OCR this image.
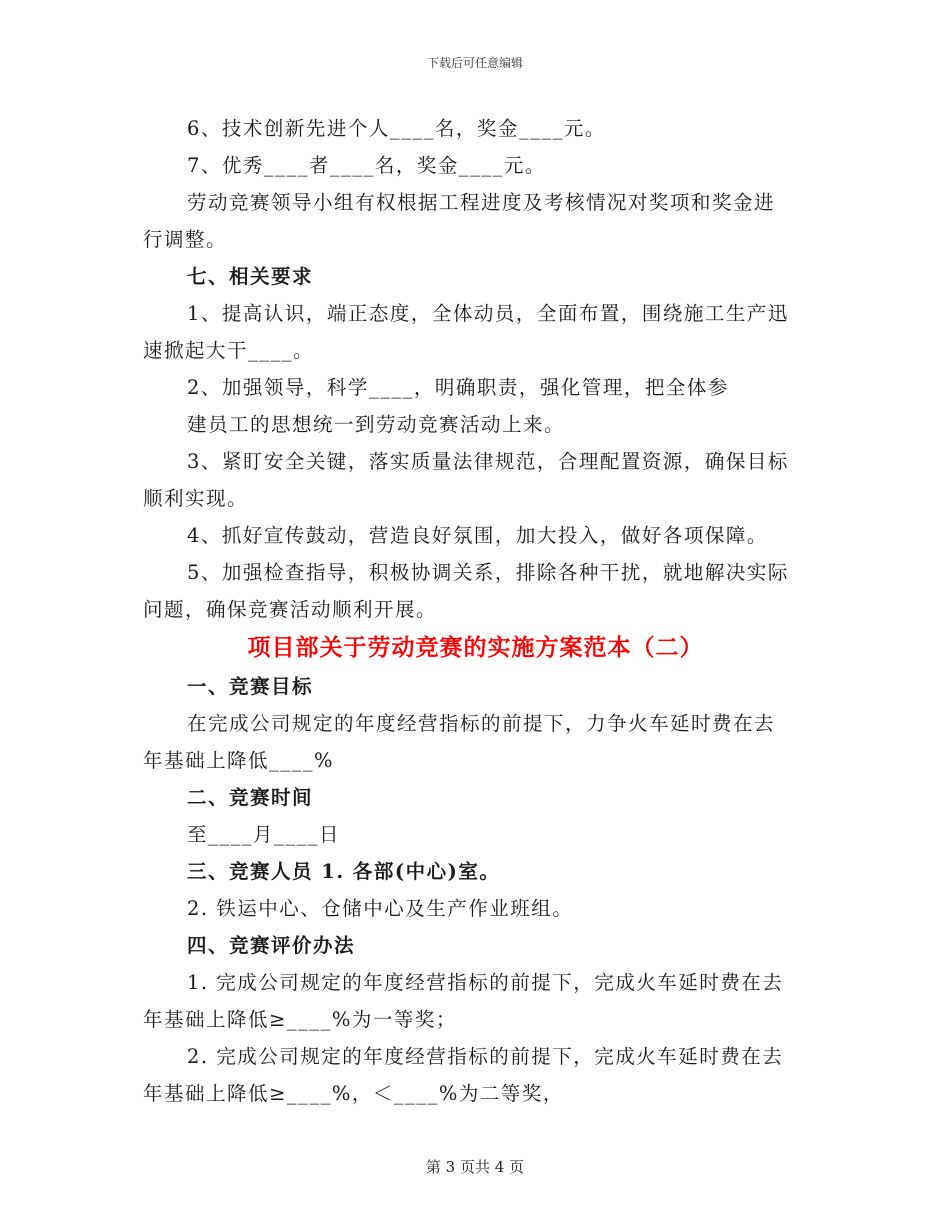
下载后可任意编辑

6、技术创新先进个人____名，奖金____元。

7、优秀____者____名，奖金____元。

劳动竞赛领导小组有权根据工程进度及考核情况对奖项和奖金进

行调整。

七、相关要求

1、提高认识，端正态度，全体动员，全面布置，围绕施工生产迅

速掀起大干____。

2、加强领导，科学____，明确职责，强化管理，把全体参

建员工的思想统一到劳动竞赛活动上来。

3、紧盯安全关键，落实质量法律规范，合理配置资源，确保目标

顺利实现。

4、抓好宣传鼓动，营造良好氛围，加大投入，做好各项保障。

5、加强检查指导，积极协调关系，排除各种干扰，就地解决实际

问题，确保竞赛活动顺利开展。

项目部关于劳动竞赛的实施方案范本（二）

一、竞赛目标

在完成公司规定的年度经营指标的前提下，力争火车延时费在去

年基础上降低____%

二、竞赛时间

至____月____日

三、竞赛人员 1. 各部(中心)室。

2. 铁运中心、仓储中心及生产作业班组。

四、竞赛评价办法

1. 完成公司规定的年度经营指标的前提下，完成火车延时费在去

年基础上降低≥____%为一等奖；

2. 完成公司规定的年度经营指标的前提下，完成火车延时费在去

年基础上降低≥____%，＜____%为二等奖，

第 3 页共 4 页
